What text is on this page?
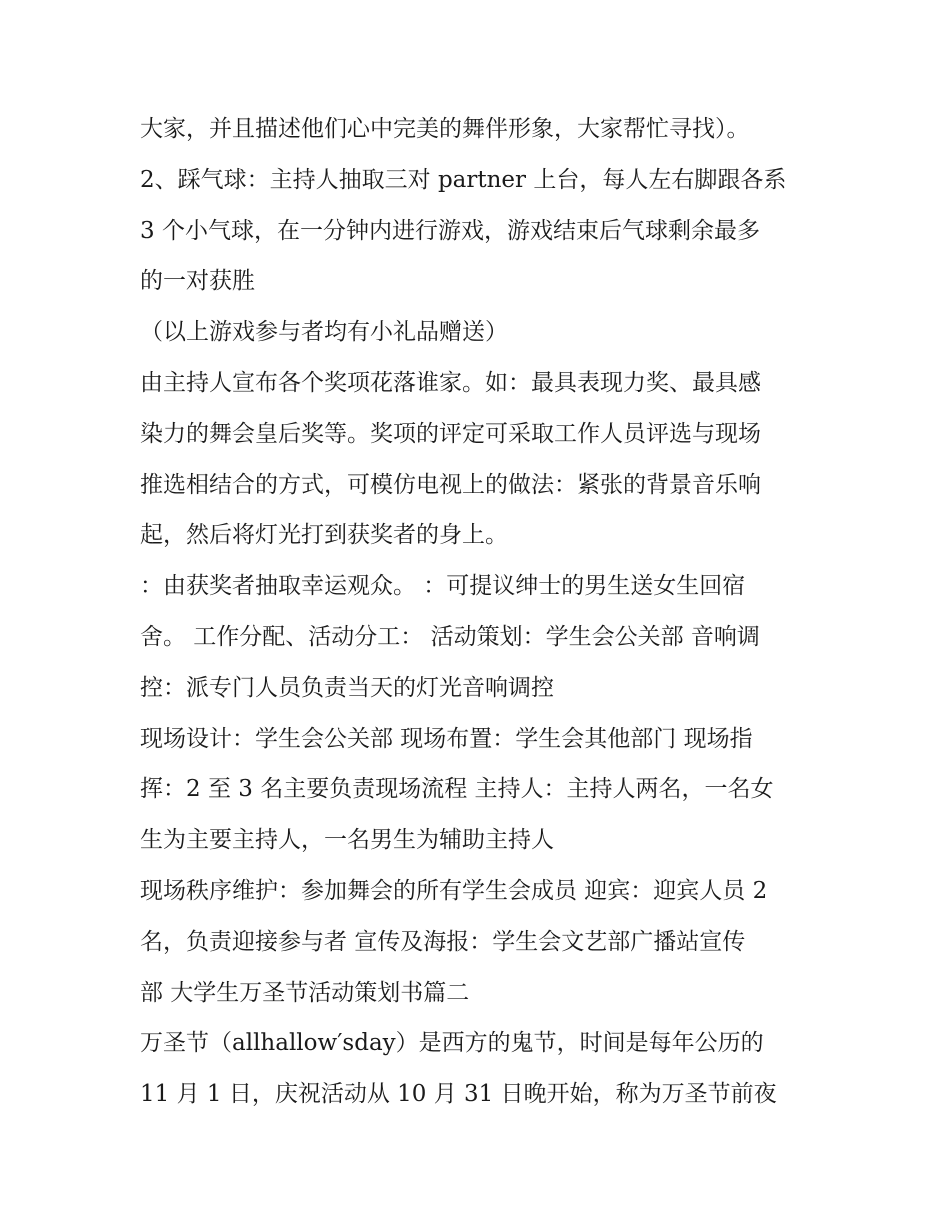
大家，并且描述他们心中完美的舞伴形象，大家帮忙寻找）。
2、踩气球：主持人抽取三对 partner 上台，每人左右脚跟各系
3 个小气球，在一分钟内进行游戏，游戏结束后气球剩余最多
的一对获胜
（以上游戏参与者均有小礼品赠送）
由主持人宣布各个奖项花落谁家。如：最具表现力奖、最具感
染力的舞会皇后奖等。奖项的评定可采取工作人员评选与现场
推选相结合的方式，可模仿电视上的做法：紧张的背景音乐响
起，然后将灯光打到获奖者的身上。
：由获奖者抽取幸运观众。 ：可提议绅士的男生送女生回宿
舍。 工作分配、活动分工： 活动策划：学生会公关部 音响调
控：派专门人员负责当天的灯光音响调控
现场设计：学生会公关部 现场布置：学生会其他部门 现场指
挥：2 至 3 名主要负责现场流程 主持人：主持人两名，一名女
生为主要主持人，一名男生为辅助主持人
现场秩序维护：参加舞会的所有学生会成员 迎宾：迎宾人员 2
名，负责迎接参与者 宣传及海报：学生会文艺部广播站宣传
部 大学生万圣节活动策划书篇二
万圣节（allhallow′sday）是西方的鬼节，时间是每年公历的
11 月 1 日，庆祝活动从 10 月 31 日晚开始，称为万圣节前夜
